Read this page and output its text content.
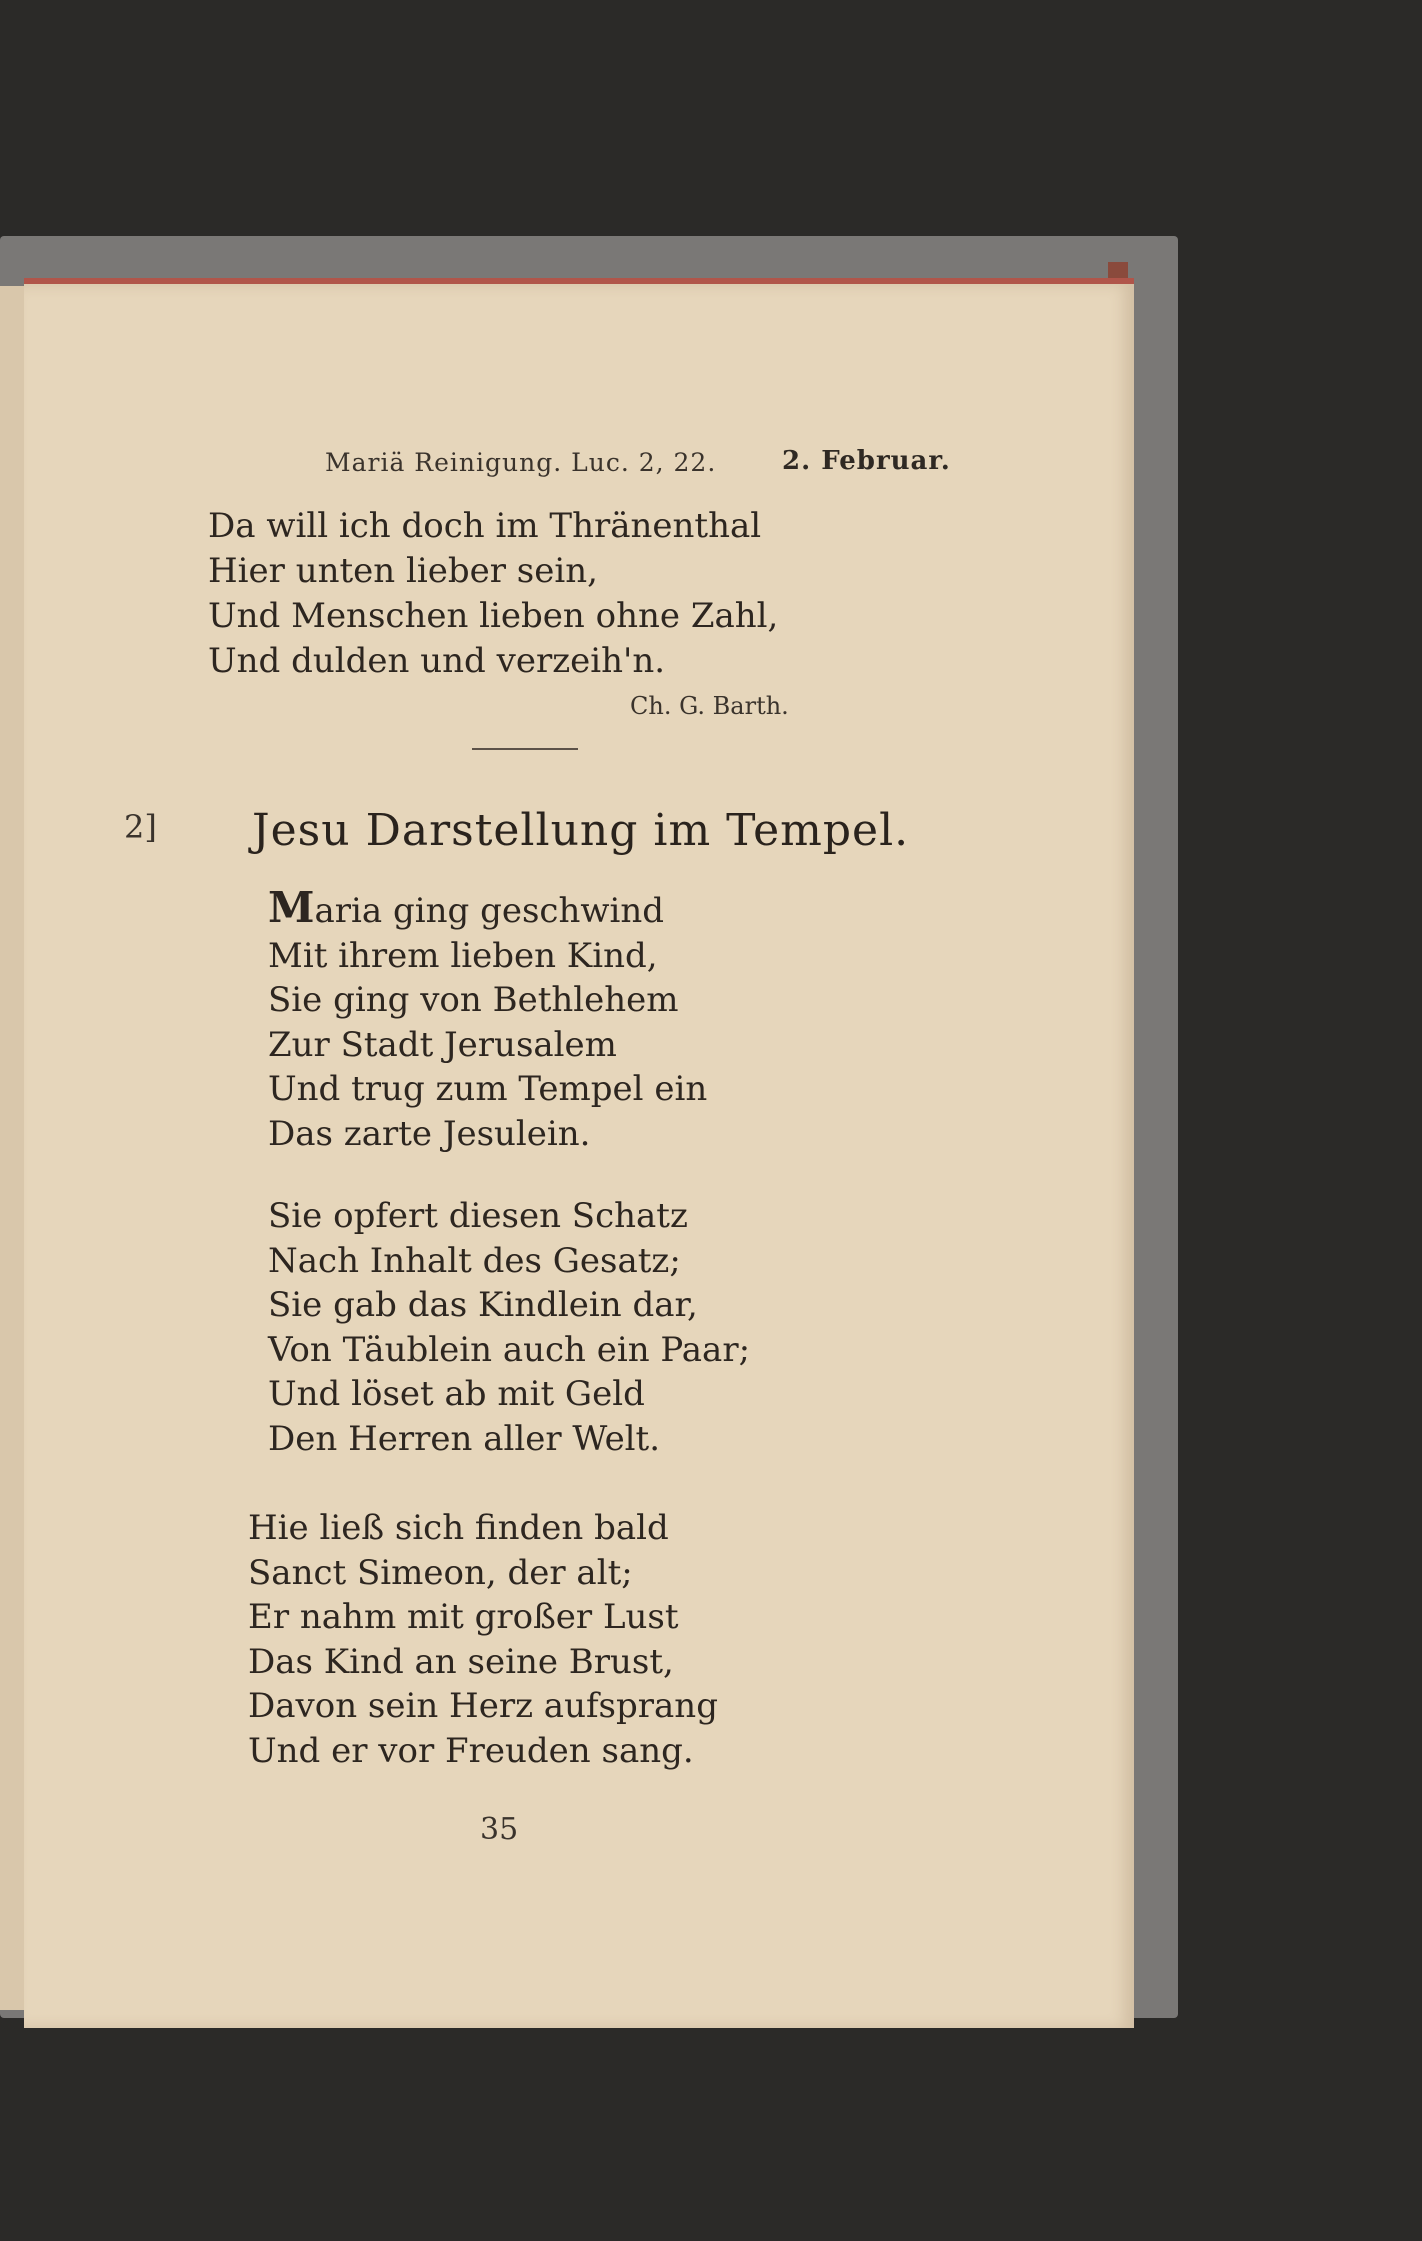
Mariä Reinigung. Luc. 2, 22.	2. Februar.
Da will ich doch im Thränenthal
Hier unten lieber sein,
Und Menschen lieben ohne Zahl,
Und dulden und verzeih'n.
Ch. G. Barth.
2] Jesu Darstellung im Tempel.
Maria ging geschwind
Mit ihrem lieben Kind,
Sie ging von Bethlehem
Zur Stadt Jerusalem
Und trug zum Tempel ein
Das zarte Jesulein.
Sie opfert diesen Schatz
Nach Inhalt des Gesatz;
Sie gab das Kindlein dar,
Von Täublein auch ein Paar;
Und löset ab mit Geld
Den Herren aller Welt.
Hie ließ sich finden bald
Sanct Simeon, der alt;
Er nahm mit großer Lust
Das Kind an seine Brust,
Davon sein Herz aufsprang
Und er vor Freuden sang.
35
